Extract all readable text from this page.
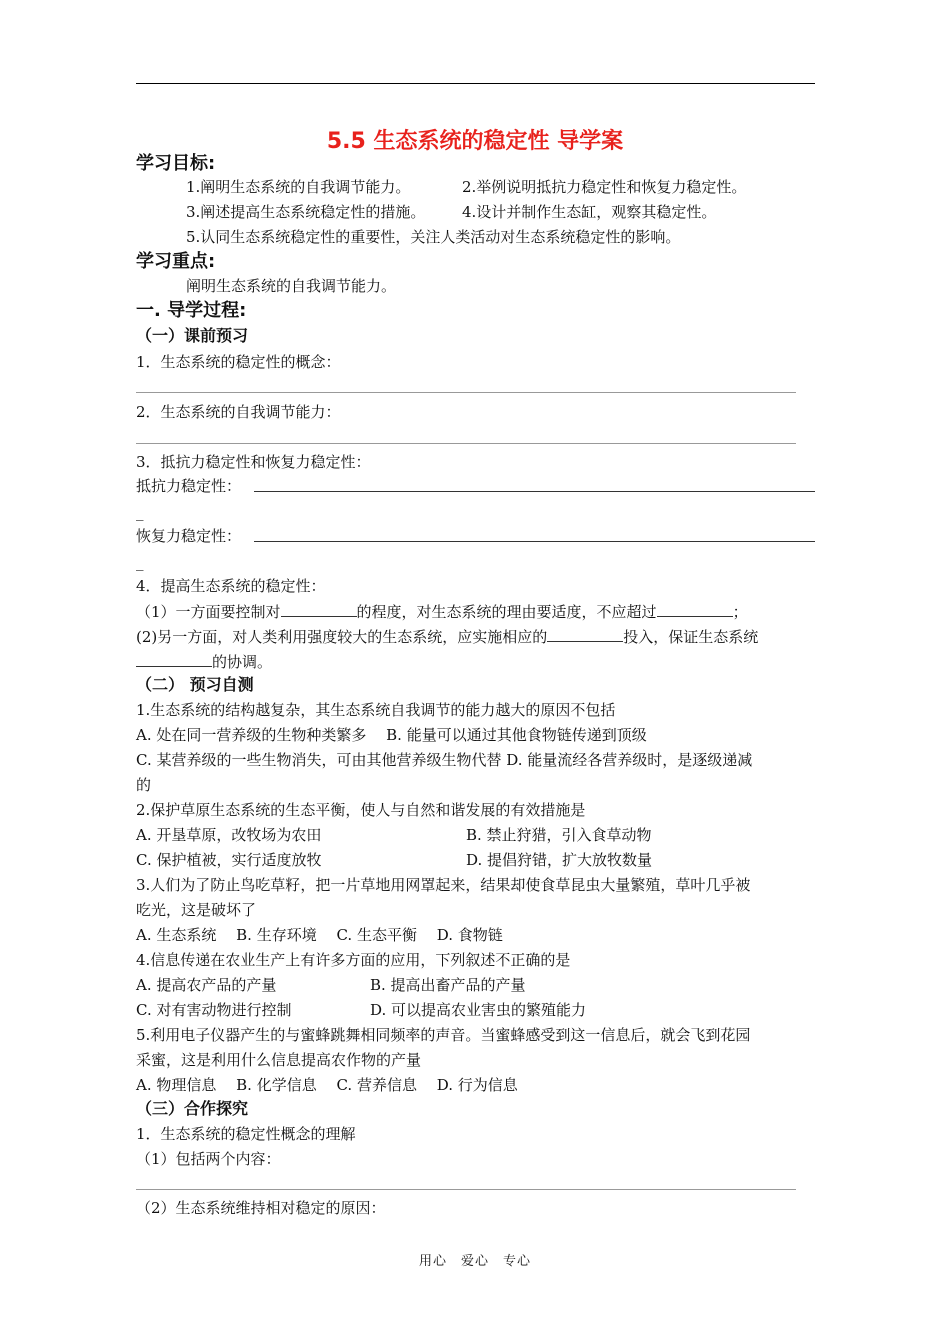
5.5 生态系统的稳定性 导学案
学习目标:
1.阐明生态系统的自我调节能力。	2.举例说明抵抗力稳定性和恢复力稳定性。
3.阐述提高生态系统稳定性的措施。 4.设计并制作生态缸，观察其稳定性。
5.认同生态系统稳定性的重要性，关注人类活动对生态系统稳定性的影响。
学习重点:
阐明生态系统的自我调节能力。
一. 导学过程:
（一）课前预习
1．生态系统的稳定性的概念：
2．生态系统的自我调节能力：
3．抵抗力稳定性和恢复力稳定性：
抵抗力稳定性：
_
恢复力稳定性：
_
4．提高生态系统的稳定性：
（1）一方面要控制对	的程度，对生态系统的理由要适度，不应超过	；
(2)另一方面，对人类利用强度较大的生态系统，应实施相应的	投入，保证生态系统
的协调。
（二） 预习自测
1.生态系统的结构越复杂，其生态系统自我调节的能力越大的原因不包括
A. 处在同一营养级的生物种类繁多　 B. 能量可以通过其他食物链传递到顶级
C. 某营养级的一些生物消失，可由其他营养级生物代替 D. 能量流经各营养级时，是逐级递减
的
2.保护草原生态系统的生态平衡，使人与自然和谐发展的有效措施是
A. 开垦草原，改牧场为农田	B. 禁止狩猎，引入食草动物
C. 保护植被，实行适度放牧	D. 提倡狩错，扩大放牧数量
3.人们为了防止鸟吃草籽，把一片草地用网罩起来，结果却使食草昆虫大量繁殖，草叶几乎被
吃光，这是破坏了
A. 生态系统　 B. 生存环境　 C. 生态平衡　 D. 食物链
4.信息传递在农业生产上有许多方面的应用，下列叙述不正确的是
A. 提高农产品的产量	B. 提高出畜产品的产量
C. 对有害动物进行控制	D. 可以提高农业害虫的繁殖能力
5.利用电子仪器产生的与蜜蜂跳舞相同频率的声音。当蜜蜂感受到这一信息后，就会飞到花园
采蜜，这是利用什么信息提高农作物的产量
A. 物理信息　 B. 化学信息　 C. 营养信息　 D. 行为信息
（三）合作探究
1．生态系统的稳定性概念的理解
（1）包括两个内容：
（2）生态系统维持相对稳定的原因：
用心　爱心　专心
